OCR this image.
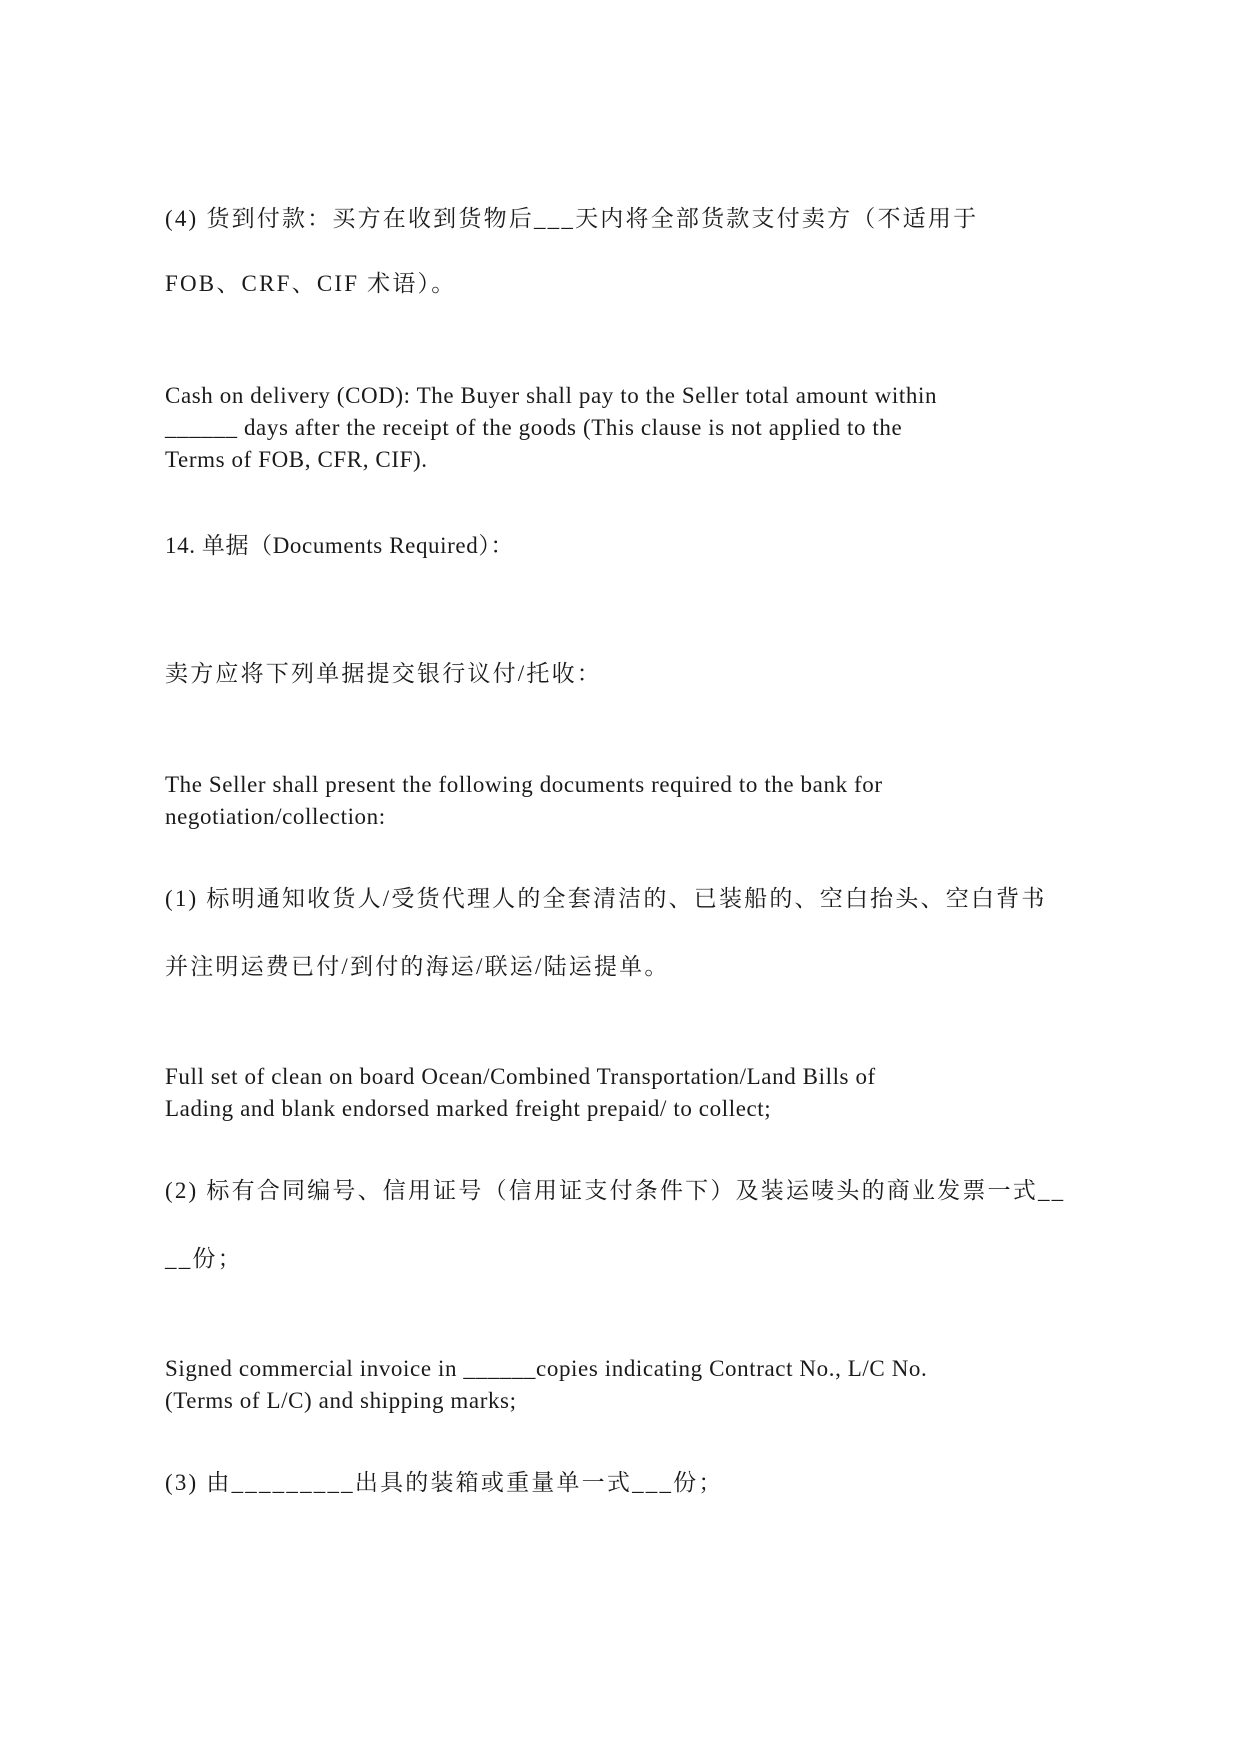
(4) 货到付款：买方在收到货物后___天内将全部货款支付卖方（不适用于
FOB、CRF、CIF 术语）。
Cash on delivery (COD): The Buyer shall pay to the Seller total amount within
______ days after the receipt of the goods (This clause is not applied to the
Terms of FOB, CFR, CIF).
14. 单据（Documents Required）：
卖方应将下列单据提交银行议付/托收：
The Seller shall present the following documents required to the bank for
negotiation/collection:
(1) 标明通知收货人/受货代理人的全套清洁的、已装船的、空白抬头、空白背书
并注明运费已付/到付的海运/联运/陆运提单。
Full set of clean on board Ocean/Combined Transportation/Land Bills of
Lading and blank endorsed marked freight prepaid/ to collect;
(2) 标有合同编号、信用证号（信用证支付条件下）及装运唛头的商业发票一式__
__份；
Signed commercial invoice in ______copies indicating Contract No., L/C No.
(Terms of L/C) and shipping marks;
(3) 由_________出具的装箱或重量单一式___份；
